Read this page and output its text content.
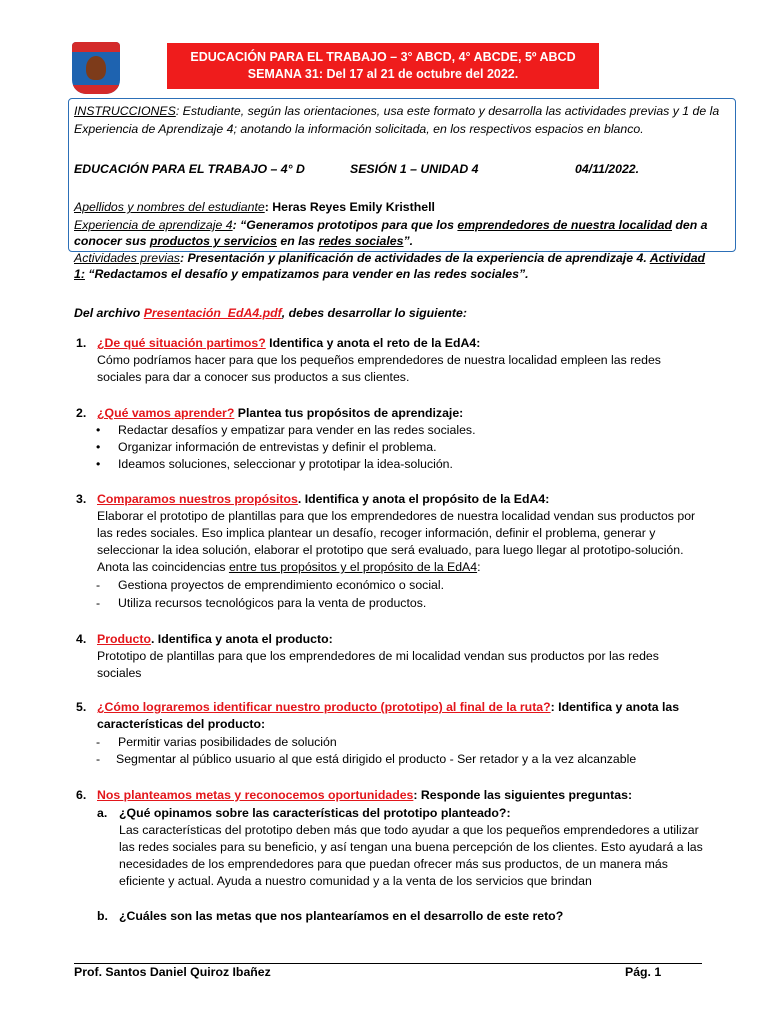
EDUCACIÓN PARA EL TRABAJO – 3° ABCD, 4° ABCDE, 5º ABCD
SEMANA 31: Del 17 al 21 de octubre del 2022.
INSTRUCCIONES: Estudiante, según las orientaciones, usa este formato y desarrolla las actividades previas y 1 de la
Experiencia de Aprendizaje 4; anotando la información solicitada, en los respectivos espacios en blanco.
EDUCACIÓN PARA EL TRABAJO – 4° D	SESIÓN 1 – UNIDAD 4	04/11/2022.
Apellidos y nombres del estudiante: Heras Reyes Emily Kristhell
Experiencia de aprendizaje 4: “Generamos prototipos para que los emprendedores de nuestra localidad den a
conocer sus productos y servicios en las redes sociales”.
Actividades previas: Presentación y planificación de actividades de la experiencia de aprendizaje 4. Actividad
1: “Redactamos el desafío y empatizamos para vender en las redes sociales”.
Del archivo Presentación_EdA4.pdf, debes desarrollar lo siguiente:
1. ¿De qué situación partimos? Identifica y anota el reto de la EdA4:
Cómo podríamos hacer para que los pequeños emprendedores de nuestra localidad empleen las redes
sociales para dar a conocer sus productos a sus clientes.
2. ¿Qué vamos aprender? Plantea tus propósitos de aprendizaje:
• Redactar desafíos y empatizar para vender en las redes sociales.
• Organizar información de entrevistas y definir el problema.
• Ideamos soluciones, seleccionar y prototipar la idea-solución.
3. Comparamos nuestros propósitos. Identifica y anota el propósito de la EdA4:
Elaborar el prototipo de plantillas para que los emprendedores de nuestra localidad vendan sus productos por
las redes sociales. Eso implica plantear un desafío, recoger información, definir el problema, generar y
seleccionar la idea solución, elaborar el prototipo que será evaluado, para luego llegar al prototipo-solución.
Anota las coincidencias entre tus propósitos y el propósito de la EdA4:
- Gestiona proyectos de emprendimiento económico o social.
- Utiliza recursos tecnológicos para la venta de productos.
4. Producto. Identifica y anota el producto:
Prototipo de plantillas para que los emprendedores de mi localidad vendan sus productos por las redes
sociales
5. ¿Cómo lograremos identificar nuestro producto (prototipo) al final de la ruta?: Identifica y anota las
características del producto:
- Permitir varias posibilidades de solución
- Segmentar al público usuario al que está dirigido el producto - Ser retador y a la vez alcanzable
6. Nos planteamos metas y reconocemos oportunidades: Responde las siguientes preguntas:
a. ¿Qué opinamos sobre las características del prototipo planteado?:
Las características del prototipo deben más que todo ayudar a que los pequeños emprendedores a utilizar
las redes sociales para su beneficio, y así tengan una buena percepción de los clientes. Esto ayudará a las
necesidades de los emprendedores para que puedan ofrecer más sus productos, de un manera más
eficiente y actual. Ayuda a nuestro comunidad y a la venta de los servicios que brindan
b. ¿Cuáles son las metas que nos plantearíamos en el desarrollo de este reto?
Prof. Santos Daniel Quiroz Ibañez	Pág. 1
